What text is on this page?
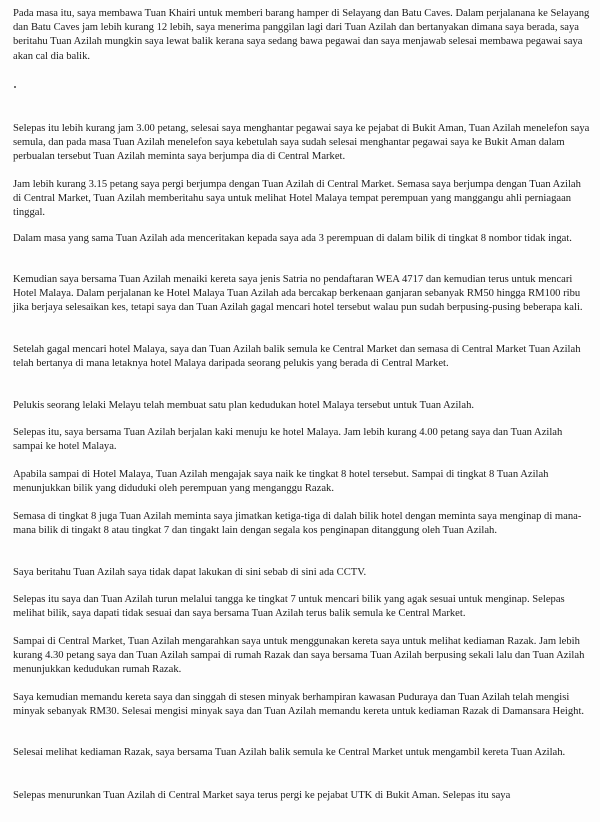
Pada masa itu, saya membawa Tuan Khairi untuk memberi barang hamper di Selayang dan Batu Caves. Dalam perjalanana ke Selayang dan Batu Caves jam lebih kurang 12 lebih, saya menerima panggilan lagi dari Tuan Azilah dan bertanyakan dimana saya berada, saya beritahu Tuan Azilah mungkin saya lewat balik kerana saya sedang bawa pegawai dan saya menjawab selesai membawa pegawai saya akan cal dia balik.

Selepas itu lebih kurang jam 3.00 petang, selesai saya menghantar pegawai saya ke pejabat di Bukit Aman, Tuan Azilah menelefon saya semula, dan pada masa Tuan Azilah menelefon saya kebetulah saya sudah selesai menghantar pegawai saya ke Bukit Aman dalam perbualan tersebut Tuan Azilah meminta saya berjumpa dia di Central Market.

Jam lebih kurang 3.15 petang saya pergi berjumpa dengan Tuan Azilah di Central Market. Semasa saya berjumpa dengan Tuan Azilah di Central Market, Tuan Azilah memberitahu saya untuk melihat Hotel Malaya tempat perempuan yang manggangu ahli perniagaan tinggal.

Dalam masa yang sama Tuan Azilah ada menceritakan kepada saya ada 3 perempuan di dalam bilik di tingkat 8 nombor tidak ingat.

Kemudian saya bersama Tuan Azilah menaiki kereta saya jenis Satria no pendaftaran WEA 4717 dan kemudian terus untuk mencari Hotel Malaya. Dalam perjalanan ke Hotel Malaya Tuan Azilah ada bercakap berkenaan ganjaran sebanyak RM50 hingga RM100 ribu jika berjaya selesaikan kes, tetapi saya dan Tuan Azilah gagal mencari hotel tersebut walau pun sudah berpusing-pusing beberapa kali.

Setelah gagal mencari hotel Malaya, saya dan Tuan Azilah balik semula ke Central Market dan semasa di Central Market Tuan Azilah telah bertanya di mana letaknya hotel Malaya daripada seorang pelukis yang berada di Central Market.

Pelukis seorang lelaki Melayu telah membuat satu plan kedudukan hotel Malaya tersebut untuk Tuan Azilah.

Selepas itu, saya bersama Tuan Azilah berjalan kaki menuju ke hotel Malaya. Jam lebih kurang 4.00 petang saya dan Tuan Azilah sampai ke hotel Malaya.

Apabila sampai di Hotel Malaya, Tuan Azilah mengajak saya naik ke tingkat 8 hotel tersebut. Sampai di tingkat 8 Tuan Azilah menunjukkan bilik yang diduduki oleh perempuan yang menganggu Razak.

Semasa di tingkat 8 juga Tuan Azilah meminta saya jimatkan ketiga-tiga di dalah bilik hotel dengan meminta saya menginap di mana-mana bilik di tingakt 8 atau tingkat 7 dan tingakt lain dengan segala kos penginapan ditanggung oleh Tuan Azilah.

Saya beritahu Tuan Azilah saya tidak dapat lakukan di sini sebab di sini ada CCTV.

Selepas itu saya dan Tuan Azilah turun melalui tangga ke tingkat 7 untuk mencari bilik yang agak sesuai untuk menginap. Selepas melihat bilik, saya dapati tidak sesuai dan saya bersama Tuan Azilah terus balik semula ke Central Market.

Sampai di Central Market, Tuan Azilah mengarahkan saya untuk menggunakan kereta saya untuk melihat kediaman Razak. Jam lebih kurang 4.30 petang saya dan Tuan Azilah sampai di rumah Razak dan saya bersama Tuan Azilah berpusing sekali lalu dan Tuan Azilah menunjukkan kedudukan rumah Razak.

Saya kemudian memandu kereta saya dan singgah di stesen minyak berhampiran kawasan Puduraya dan Tuan Azilah telah mengisi minyak sebanyak RM30. Selesai mengisi minyak saya dan Tuan Azilah memandu kereta untuk kediaman Razak di Damansara Height.

Selesai melihat kediaman Razak, saya bersama Tuan Azilah balik semula ke Central Market untuk mengambil kereta Tuan Azilah.

Selepas menurunkan Tuan Azilah di Central Market saya terus pergi ke pejabat UTK di Bukit Aman. Selepas itu saya
